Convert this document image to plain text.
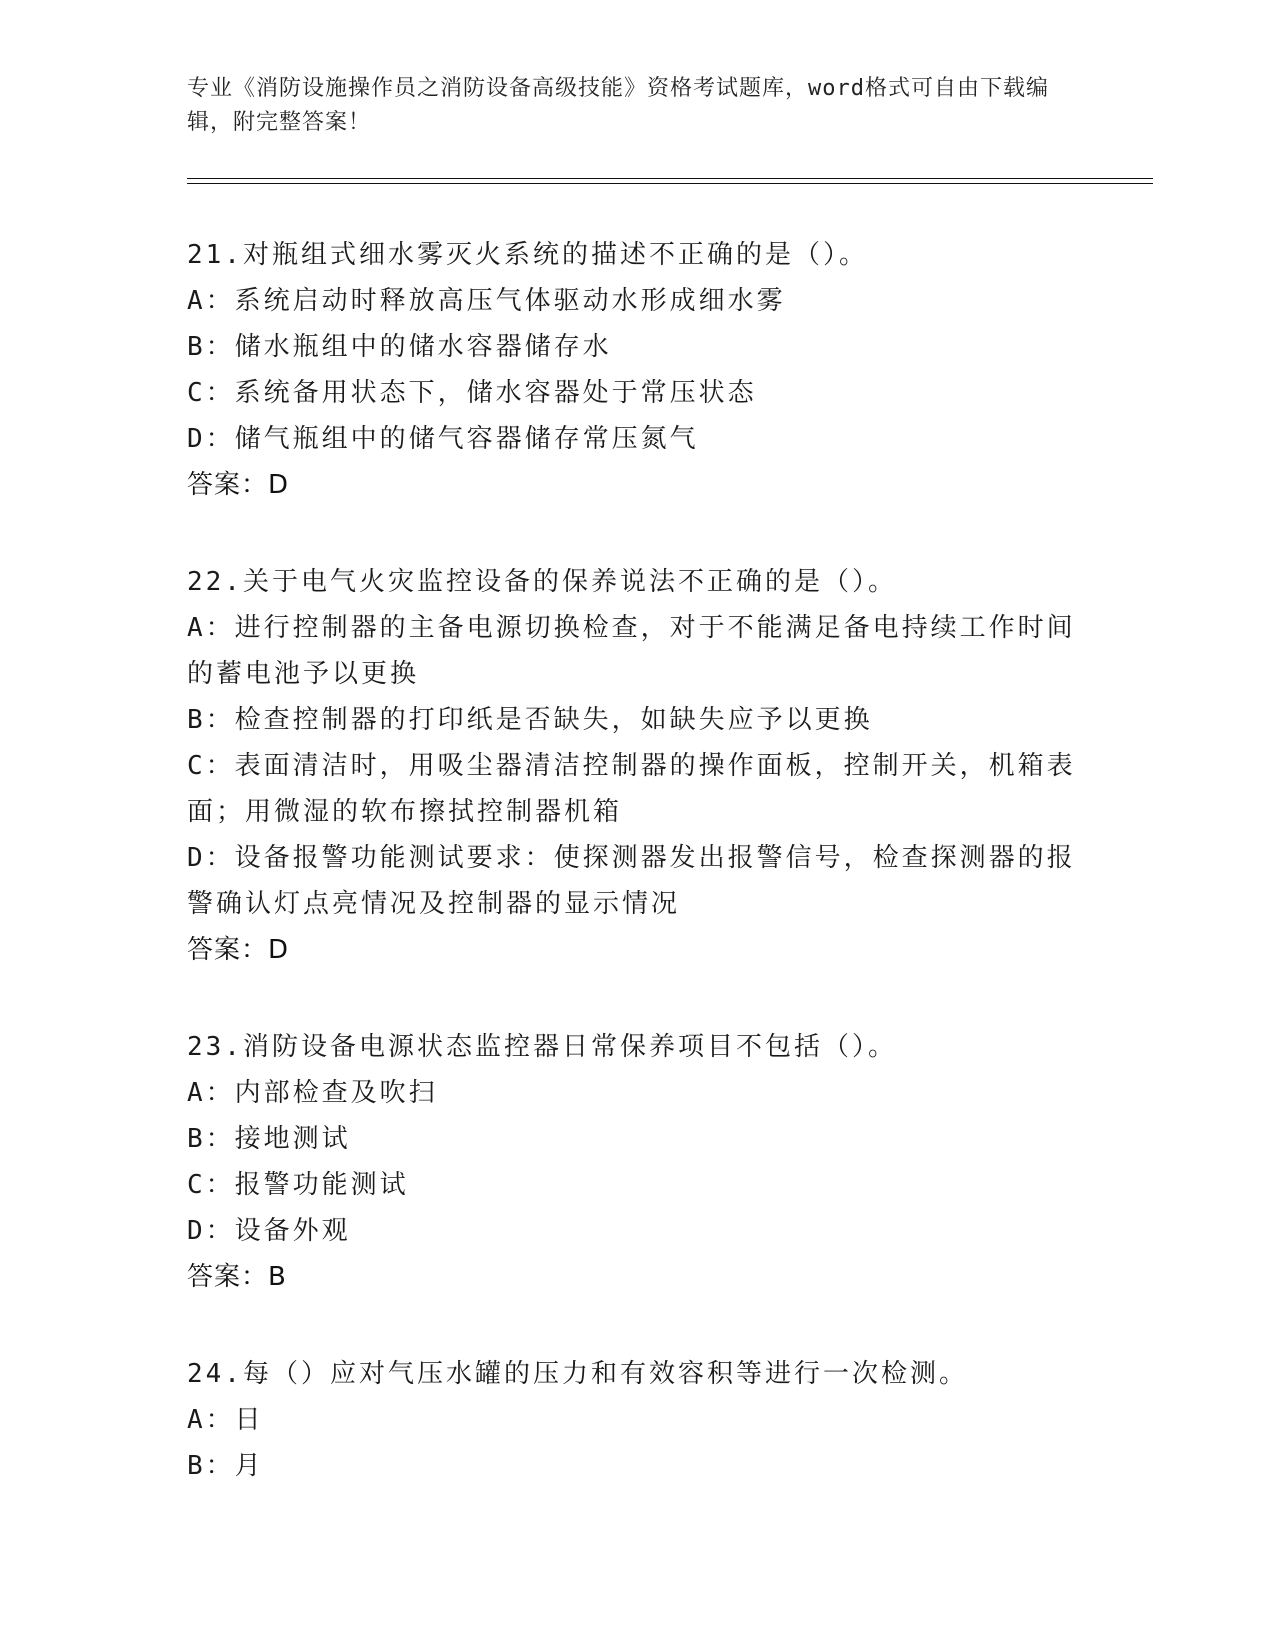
专业《消防设施操作员之消防设备高级技能》资格考试题库，word格式可自由下载编辑，附完整答案！
21.对瓶组式细水雾灭火系统的描述不正确的是（）。
A：系统启动时释放高压气体驱动水形成细水雾
B：储水瓶组中的储水容器储存水
C：系统备用状态下，储水容器处于常压状态
D：储气瓶组中的储气容器储存常压氮气
答案：D
22.关于电气火灾监控设备的保养说法不正确的是（）。
A：进行控制器的主备电源切换检查，对于不能满足备电持续工作时间的蓄电池予以更换
B：检查控制器的打印纸是否缺失，如缺失应予以更换
C：表面清洁时，用吸尘器清洁控制器的操作面板，控制开关，机箱表面；用微湿的软布擦拭控制器机箱
D：设备报警功能测试要求：使探测器发出报警信号，检查探测器的报警确认灯点亮情况及控制器的显示情况
答案：D
23.消防设备电源状态监控器日常保养项目不包括（）。
A：内部检查及吹扫
B：接地测试
C：报警功能测试
D：设备外观
答案：B
24.每（）应对气压水罐的压力和有效容积等进行一次检测。
A：日
B：月
